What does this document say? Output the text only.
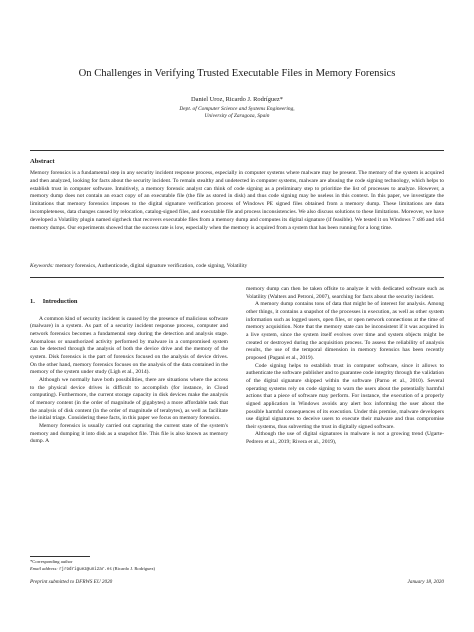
On Challenges in Verifying Trusted Executable Files in Memory Forensics
Daniel Uroz, Ricardo J. Rodríguez*
Dept. of Computer Science and Systems Engineering,
University of Zaragoza, Spain
Abstract
Memory forensics is a fundamental step in any security incident response process, especially in computer systems where malware may be present. The memory of the system is acquired and then analyzed, looking for facts about the security incident. To remain stealthy and undetected in computer systems, malware are abusing the code signing technology, which helps to establish trust in computer software. Intuitively, a memory forensic analyst can think of code signing as a preliminary step to prioritize the list of processes to analyze. However, a memory dump does not contain an exact copy of an executable file (the file as stored in disk) and thus code signing may be useless in this context. In this paper, we investigate the limitations that memory forensics imposes to the digital signature verification process of Windows PE signed files obtained from a memory dump. These limitations are data incompleteness, data changes caused by relocation, catalog-signed files, and executable file and process inconsistencies. We also discuss solutions to these limitations. Moreover, we have developed a Volatility plugin named sigcheck that recovers executable files from a memory dump and computes its digital signature (if feasible). We tested it on Windows 7 x86 and x64 memory dumps. Our experiments showed that the success rate is low, especially when the memory is acquired from a system that has been running for a long time.
Keywords: memory forensics, Authenticode, digital signature verification, code signing, Volatility
1. Introduction

A common kind of security incident is caused by the presence of malicious software (malware) in a system. As part of a security incident response process, computer and network forensics becomes a fundamental step during the detection and analysis stage. Anomalous or unauthorized activity performed by malware in a compromised system can be detected through the analysis of both the device drive and the memory of the system. Disk forensics is the part of forensics focused on the analysis of device drives. On the other hand, memory forensics focuses on the analysis of the data contained in the memory of the system under study (Ligh et al., 2014).

Although we normally have both possibilities, there are situations where the access to the physical device drives is difficult to accomplish (for instance, in Cloud computing). Furthermore, the current storage capacity in disk devices make the analysis of memory content (in the order of magnitude of gigabytes) a more affordable task that the analysis of disk content (in the order of magnitude of terabytes), as well as facilitate the initial triage. Considering these facts, in this paper we focus on memory forensics.

Memory forensics is usually carried out capturing the current state of the system's memory and dumping it into disk as a snapshot file. This file is also known as memory dump. A

memory dump can then be taken offsite to analyze it with dedicated software such as Volatility (Walters and Petroni, 2007), searching for facts about the security incident.

A memory dump contains tons of data that might be of interest for analysis. Among other things, it contains a snapshot of the processes in execution, as well as other system information such as logged users, open files, or open network connections at the time of memory acquisition. Note that the memory state can be inconsistent if it was acquired in a live system, since the system itself evolves over time and system objects might be created or destroyed during the acquisition process. To assess the reliability of analysis results, the use of the temporal dimension in memory forensics has been recently proposed (Pagani et al., 2019).

Code signing helps to establish trust in computer software, since it allows to authenticate the software publisher and to guarantee code integrity through the validation of the digital signature shipped within the software (Parno et al., 2010). Several operating systems rely on code signing to warn the users about the potentially harmful actions that a piece of software may perform. For instance, the execution of a properly signed application in Windows avoids any alert box informing the user about the possible harmful consequences of its execution. Under this premise, malware developers use digital signatures to deceive users to execute their malware and thus compromise their systems, thus subverting the trust in digitally signed software.

Although the use of digital signatures in malware is not a growing trend (Ugarte-Pedrero et al., 2019; Rivera et al., 2019),

*Corresponding author
Email address: rjrodriguez@unizar.es (Ricardo J. Rodríguez)
Preprint submitted to DFRWS EU 2020	January 18, 2020
